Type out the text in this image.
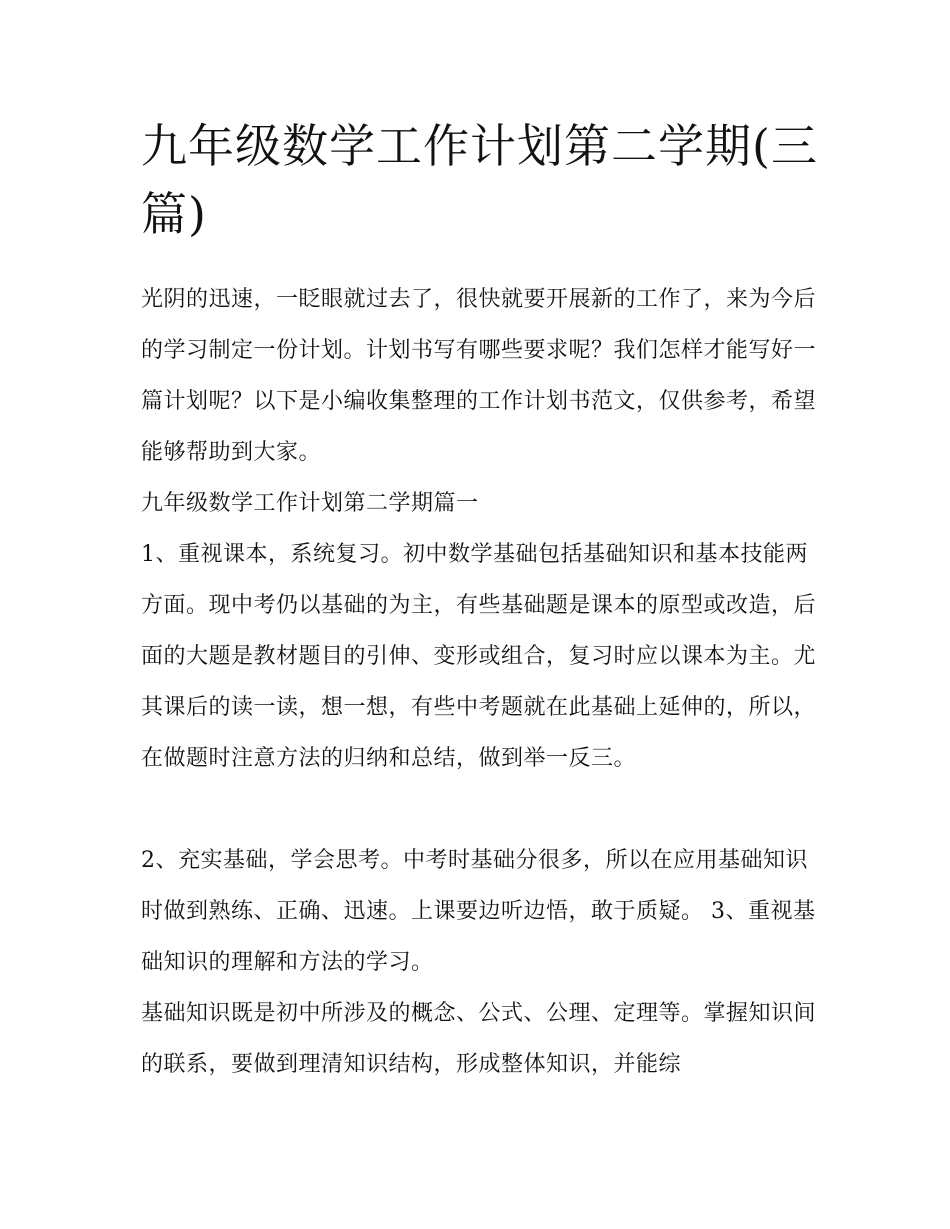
九年级数学工作计划第二学期(三篇)

光阴的迅速，一眨眼就过去了，很快就要开展新的工作了，来为今后的学习制定一份计划。计划书写有哪些要求呢？我们怎样才能写好一篇计划呢？以下是小编收集整理的工作计划书范文，仅供参考，希望能够帮助到大家。

九年级数学工作计划第二学期篇一

1、重视课本，系统复习。初中数学基础包括基础知识和基本技能两方面。现中考仍以基础的为主，有些基础题是课本的原型或改造，后面的大题是教材题目的引伸、变形或组合，复习时应以课本为主。尤其课后的读一读，想一想，有些中考题就在此基础上延伸的，所以，在做题时注意方法的归纳和总结，做到举一反三。

2、充实基础，学会思考。中考时基础分很多，所以在应用基础知识时做到熟练、正确、迅速。上课要边听边悟，敢于质疑。 3、重视基础知识的理解和方法的学习。

基础知识既是初中所涉及的概念、公式、公理、定理等。掌握知识间的联系，要做到理清知识结构，形成整体知识，并能综
